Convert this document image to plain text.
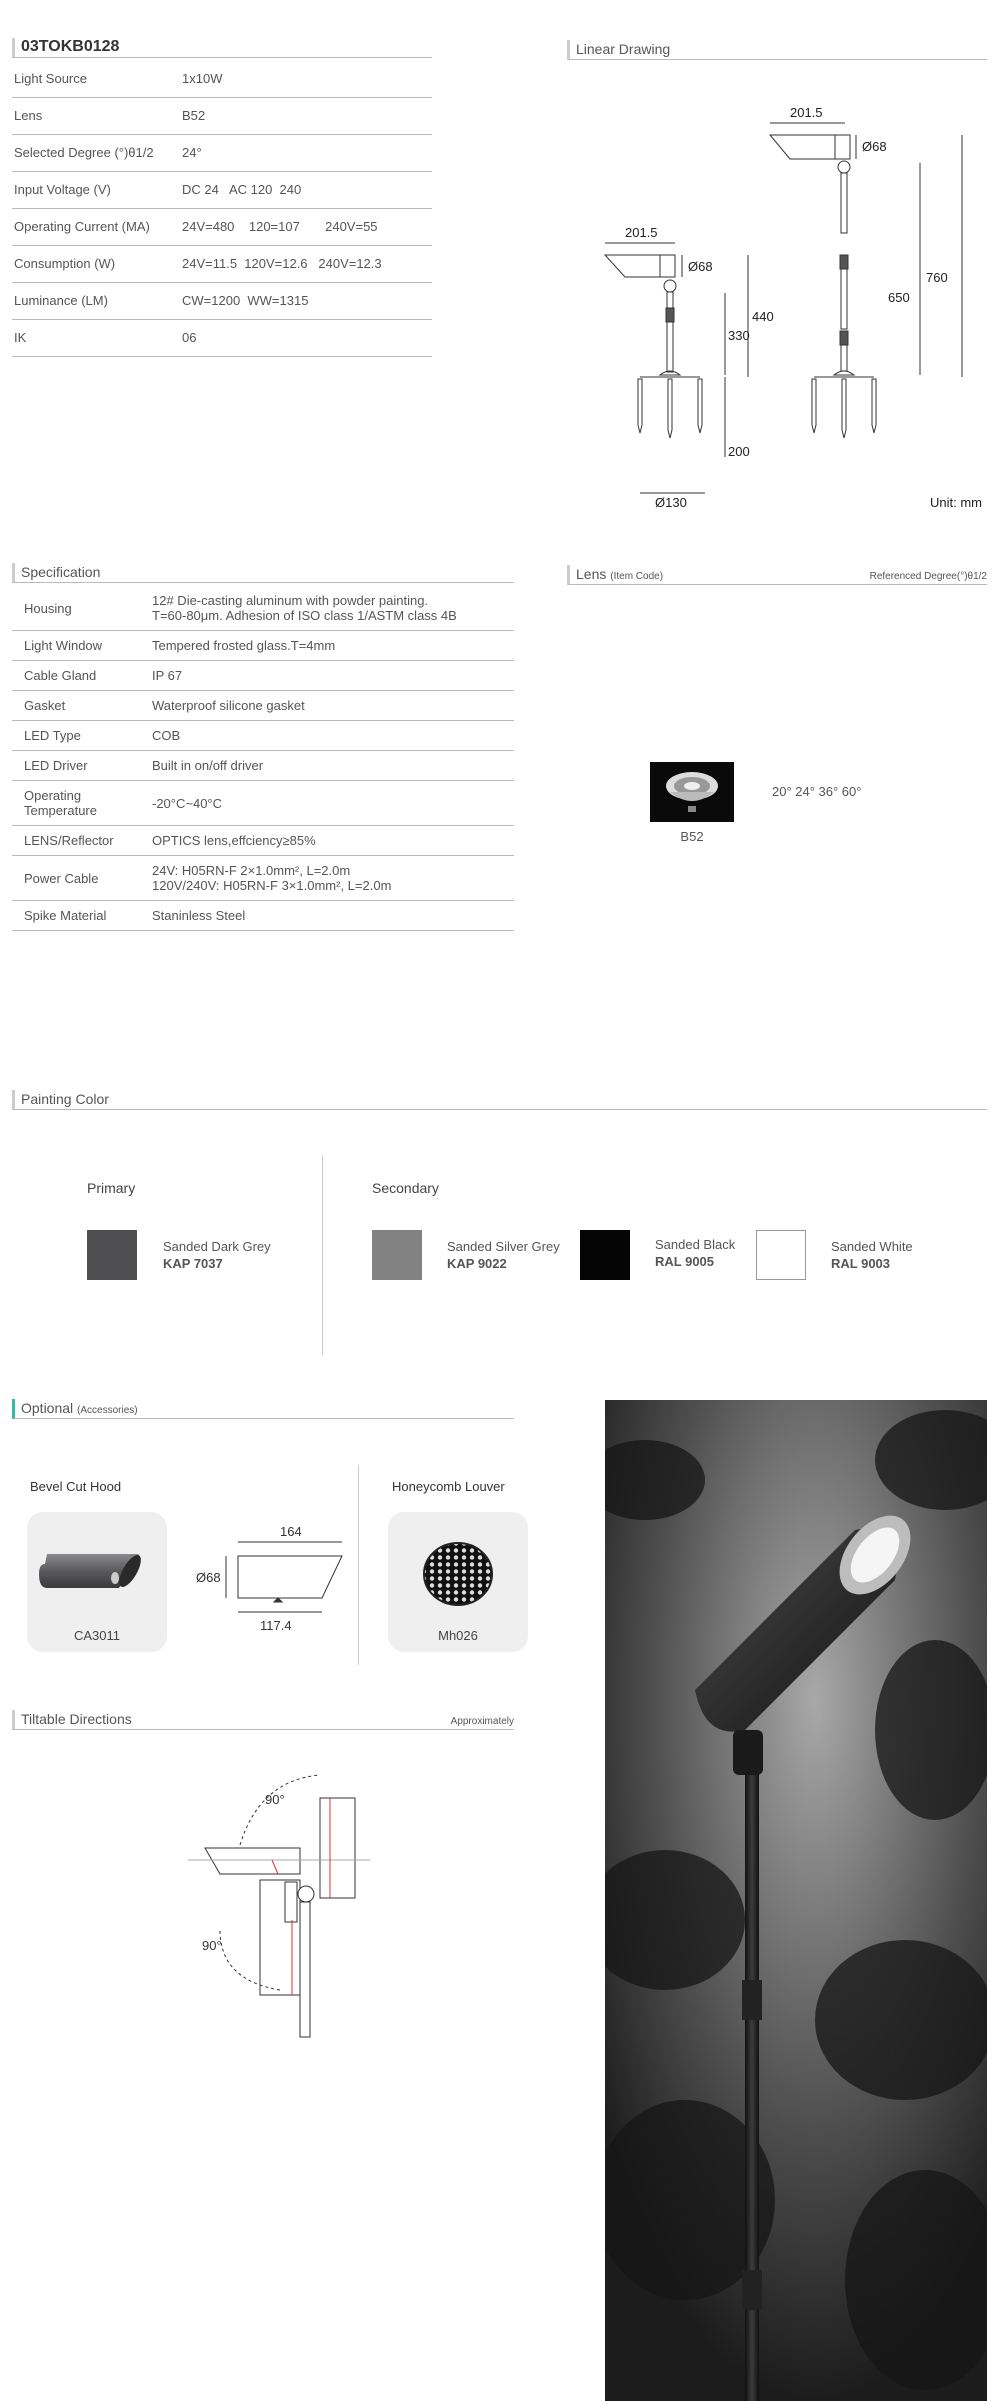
03TOKB0128
Light Source	1x10W
Lens	B52
Selected Degree (°)θ1/2	24°
Input Voltage (V)	DC 24   AC 120  240
Operating Current (MA)	24V=480    120=107       240V=55
Consumption (W)	24V=11.5  120V=12.6   240V=12.3
Luminance (LM)	CW=1200  WW=1315
IK	06
Linear Drawing
201.5
Ø68
330
440
200
Ø130
201.5
Ø68
650
760
Unit: mm
Specification
Housing	12# Die-casting aluminum with powder painting.
T=60-80μm. Adhesion of ISO class 1/ASTM class 4B

Light Window	Tempered frosted glass.T=4mm

Cable Gland	IP 67

Gasket	Waterproof silicone gasket

LED Type	COB

LED Driver	Built in on/off driver

Operating
Temperature	-20°C~40°C

LENS/Reflector	OPTICS lens,effciency≥85%

Power Cable	24V: H05RN-F 2×1.0mm², L=2.0m
120V/240V: H05RN-F 3×1.0mm², L=2.0m

Spike Material	Staninless Steel
Lens (Item Code)	Referenced Degree(°)θ1/2
B52
20° 24° 36° 60°
Painting Color
Primary	Secondary
Sanded Dark Grey
KAP 7037
Sanded Silver Grey
KAP 9022
Sanded Black
RAL 9005
Sanded White
RAL 9003
Optional (Accessories)
Bevel Cut Hood
CA3011
164
Ø68
117.4
Honeycomb Louver
Mh026
Tiltable Directions	Approximately
90°
90°
